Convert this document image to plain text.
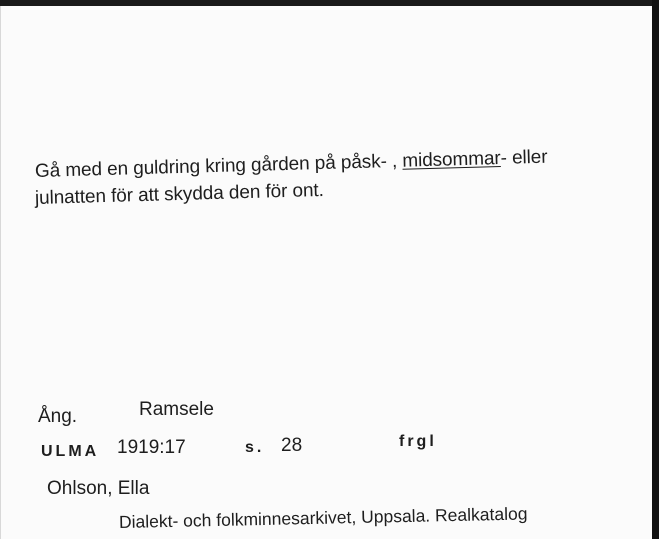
Gå med en guldring kring gården på påsk- , midsommar- eller
julnatten för att skydda den för ont.
Ång.	Ramsele
ULMA 1919:17	s. 28	frgl
Ohlson, Ella
Dialekt- och folkminnesarkivet, Uppsala. Realkatalog
